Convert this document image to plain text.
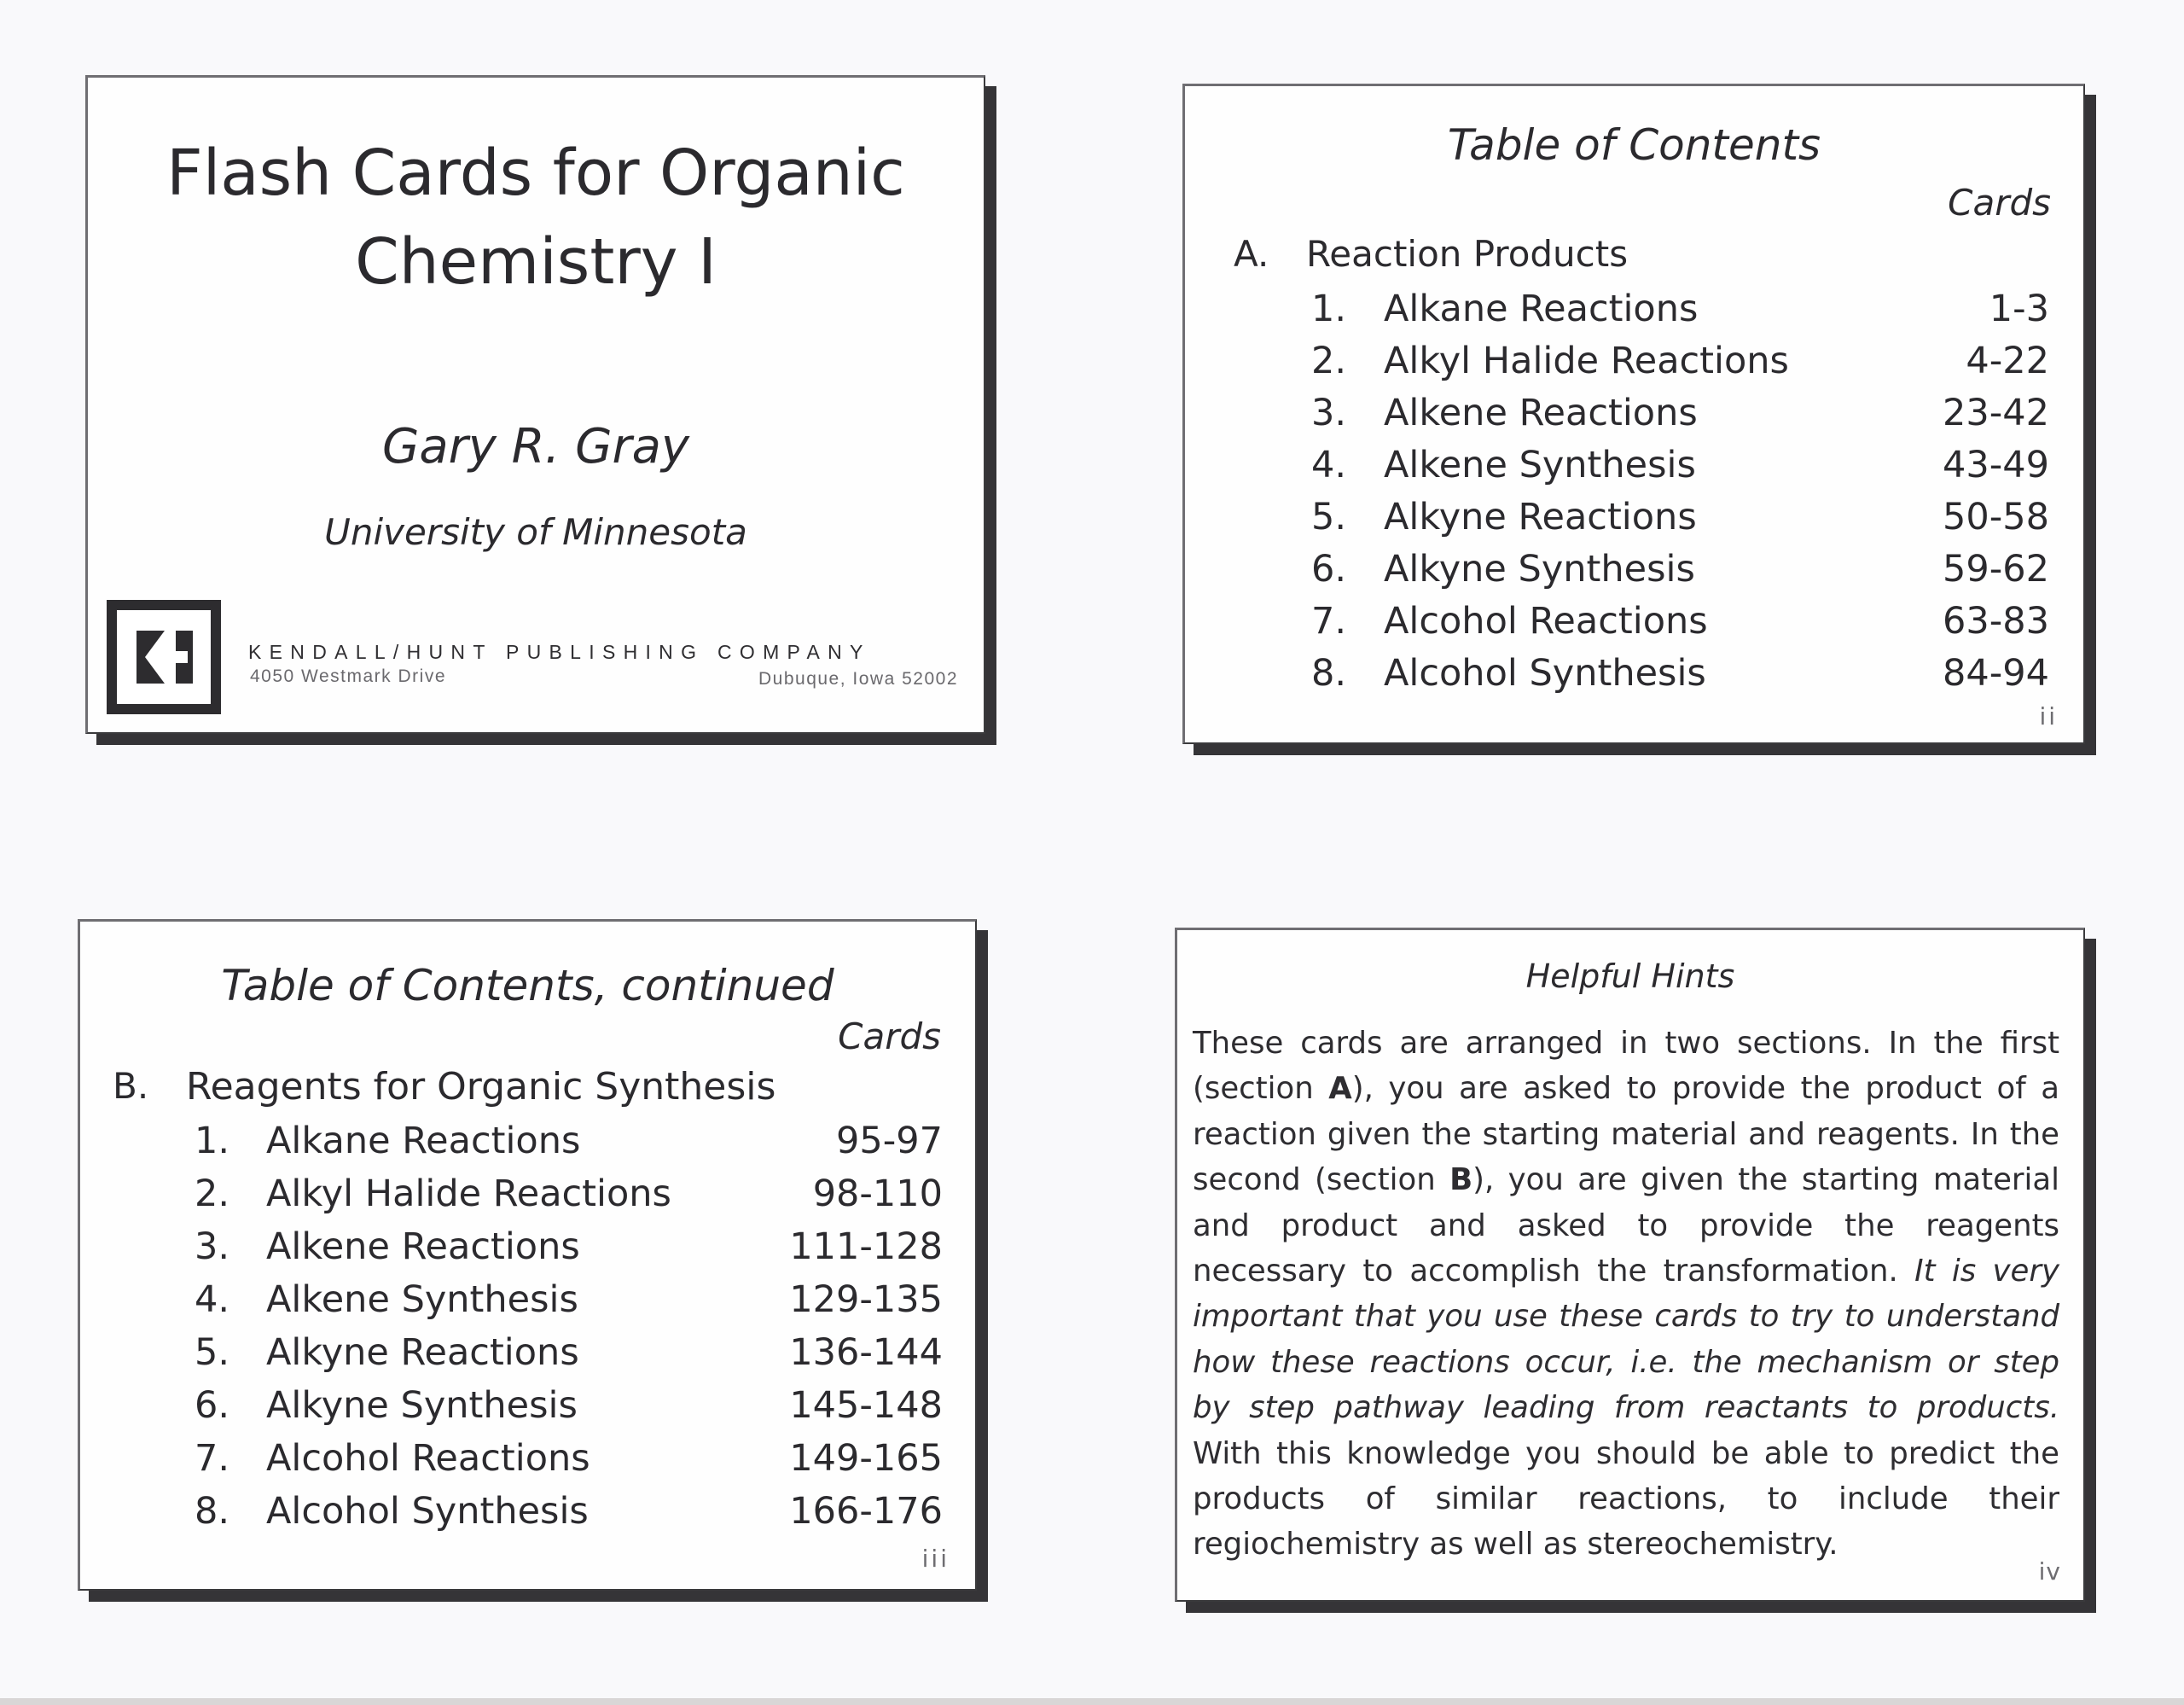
Flash Cards for Organic
Chemistry I
Gary R. Gray
University of Minnesota
KENDALL/HUNT PUBLISHING COMPANY
4050 Westmark Drive	Dubuque, Iowa 52002
Table of Contents
Cards
A. Reaction Products
1. Alkane Reactions	1-3
2. Alkyl Halide Reactions	4-22
3. Alkene Reactions	23-42
4. Alkene Synthesis	43-49
5. Alkyne Reactions	50-58
6. Alkyne Synthesis	59-62
7. Alcohol Reactions	63-83
8. Alcohol Synthesis	84-94
ii
Table of Contents, continued
Cards
B. Reagents for Organic Synthesis
1. Alkane Reactions	95-97
2. Alkyl Halide Reactions	98-110
3. Alkene Reactions	111-128
4. Alkene Synthesis	129-135
5. Alkyne Reactions	136-144
6. Alkyne Synthesis	145-148
7. Alcohol Reactions	149-165
8. Alcohol Synthesis	166-176
iii
Helpful Hints
These cards are arranged in two sections. In the first (section A), you are asked to provide the product of a reaction given the starting material and reagents. In the second (section B), you are given the starting material and product and asked to provide the reagents necessary to accomplish the transformation. It is very important that you use these cards to try to understand how these reactions occur, i.e. the mechanism or step by step pathway leading from reactants to products. With this knowledge you should be able to predict the products of similar reactions, to include their regiochemistry as well as stereochemistry.
iv
